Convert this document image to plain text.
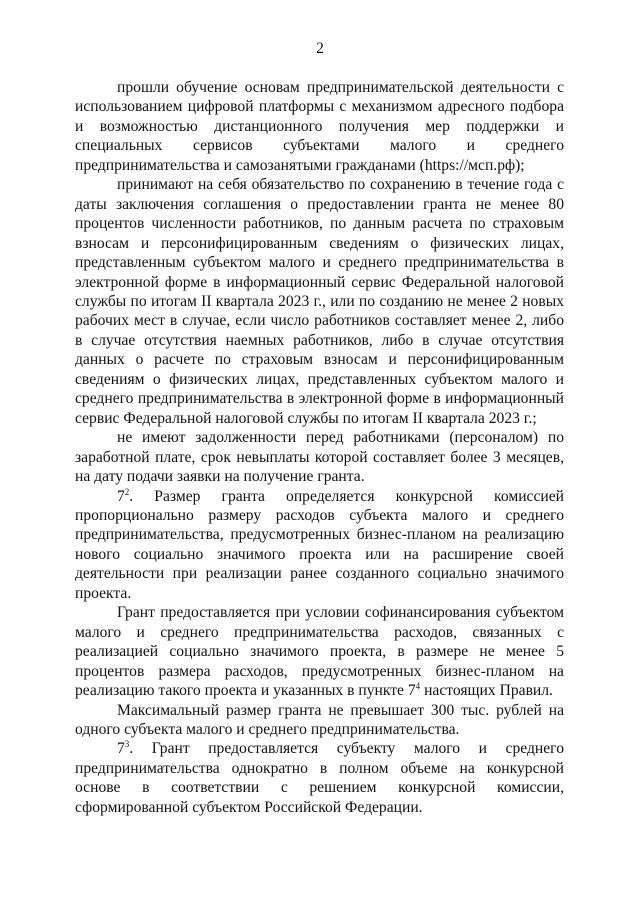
2

прошли обучение основам предпринимательской деятельности с использованием цифровой платформы с механизмом адресного подбора и возможностью дистанционного получения мер поддержки и специальных сервисов субъектами малого и среднего предпринимательства и самозанятыми гражданами (https://мсп.рф);

принимают на себя обязательство по сохранению в течение года с даты заключения соглашения о предоставлении гранта не менее 80 процентов численности работников, по данным расчета по страховым взносам и персонифицированным сведениям о физических лицах, представленным субъектом малого и среднего предпринимательства в электронной форме в информационный сервис Федеральной налоговой службы по итогам II квартала 2023 г., или по созданию не менее 2 новых рабочих мест в случае, если число работников составляет менее 2, либо в случае отсутствия наемных работников, либо в случае отсутствия данных о расчете по страховым взносам и персонифицированным сведениям о физических лицах, представленных субъектом малого и среднего предпринимательства в электронной форме в информационный сервис Федеральной налоговой службы по итогам II квартала 2023 г.;

не имеют задолженности перед работниками (персоналом) по заработной плате, срок невыплаты которой составляет более 3 месяцев, на дату подачи заявки на получение гранта.

$7^2$. Размер гранта определяется конкурсной комиссией пропорционально размеру расходов субъекта малого и среднего предпринимательства, предусмотренных бизнес-планом на реализацию нового социально значимого проекта или на расширение своей деятельности при реализации ранее созданного социально значимого проекта.

Грант предоставляется при условии софинансирования субъектом малого и среднего предпринимательства расходов, связанных с реализацией социально значимого проекта, в размере не менее 5 процентов размера расходов, предусмотренных бизнес-планом на реализацию такого проекта и указанных в пункте $7^4$ настоящих Правил.

Максимальный размер гранта не превышает 300 тыс. рублей на одного субъекта малого и среднего предпринимательства.

$7^3$. Грант предоставляется субъекту малого и среднего предпринимательства однократно в полном объеме на конкурсной основе в соответствии с решением конкурсной комиссии, сформированной субъектом Российской Федерации.
